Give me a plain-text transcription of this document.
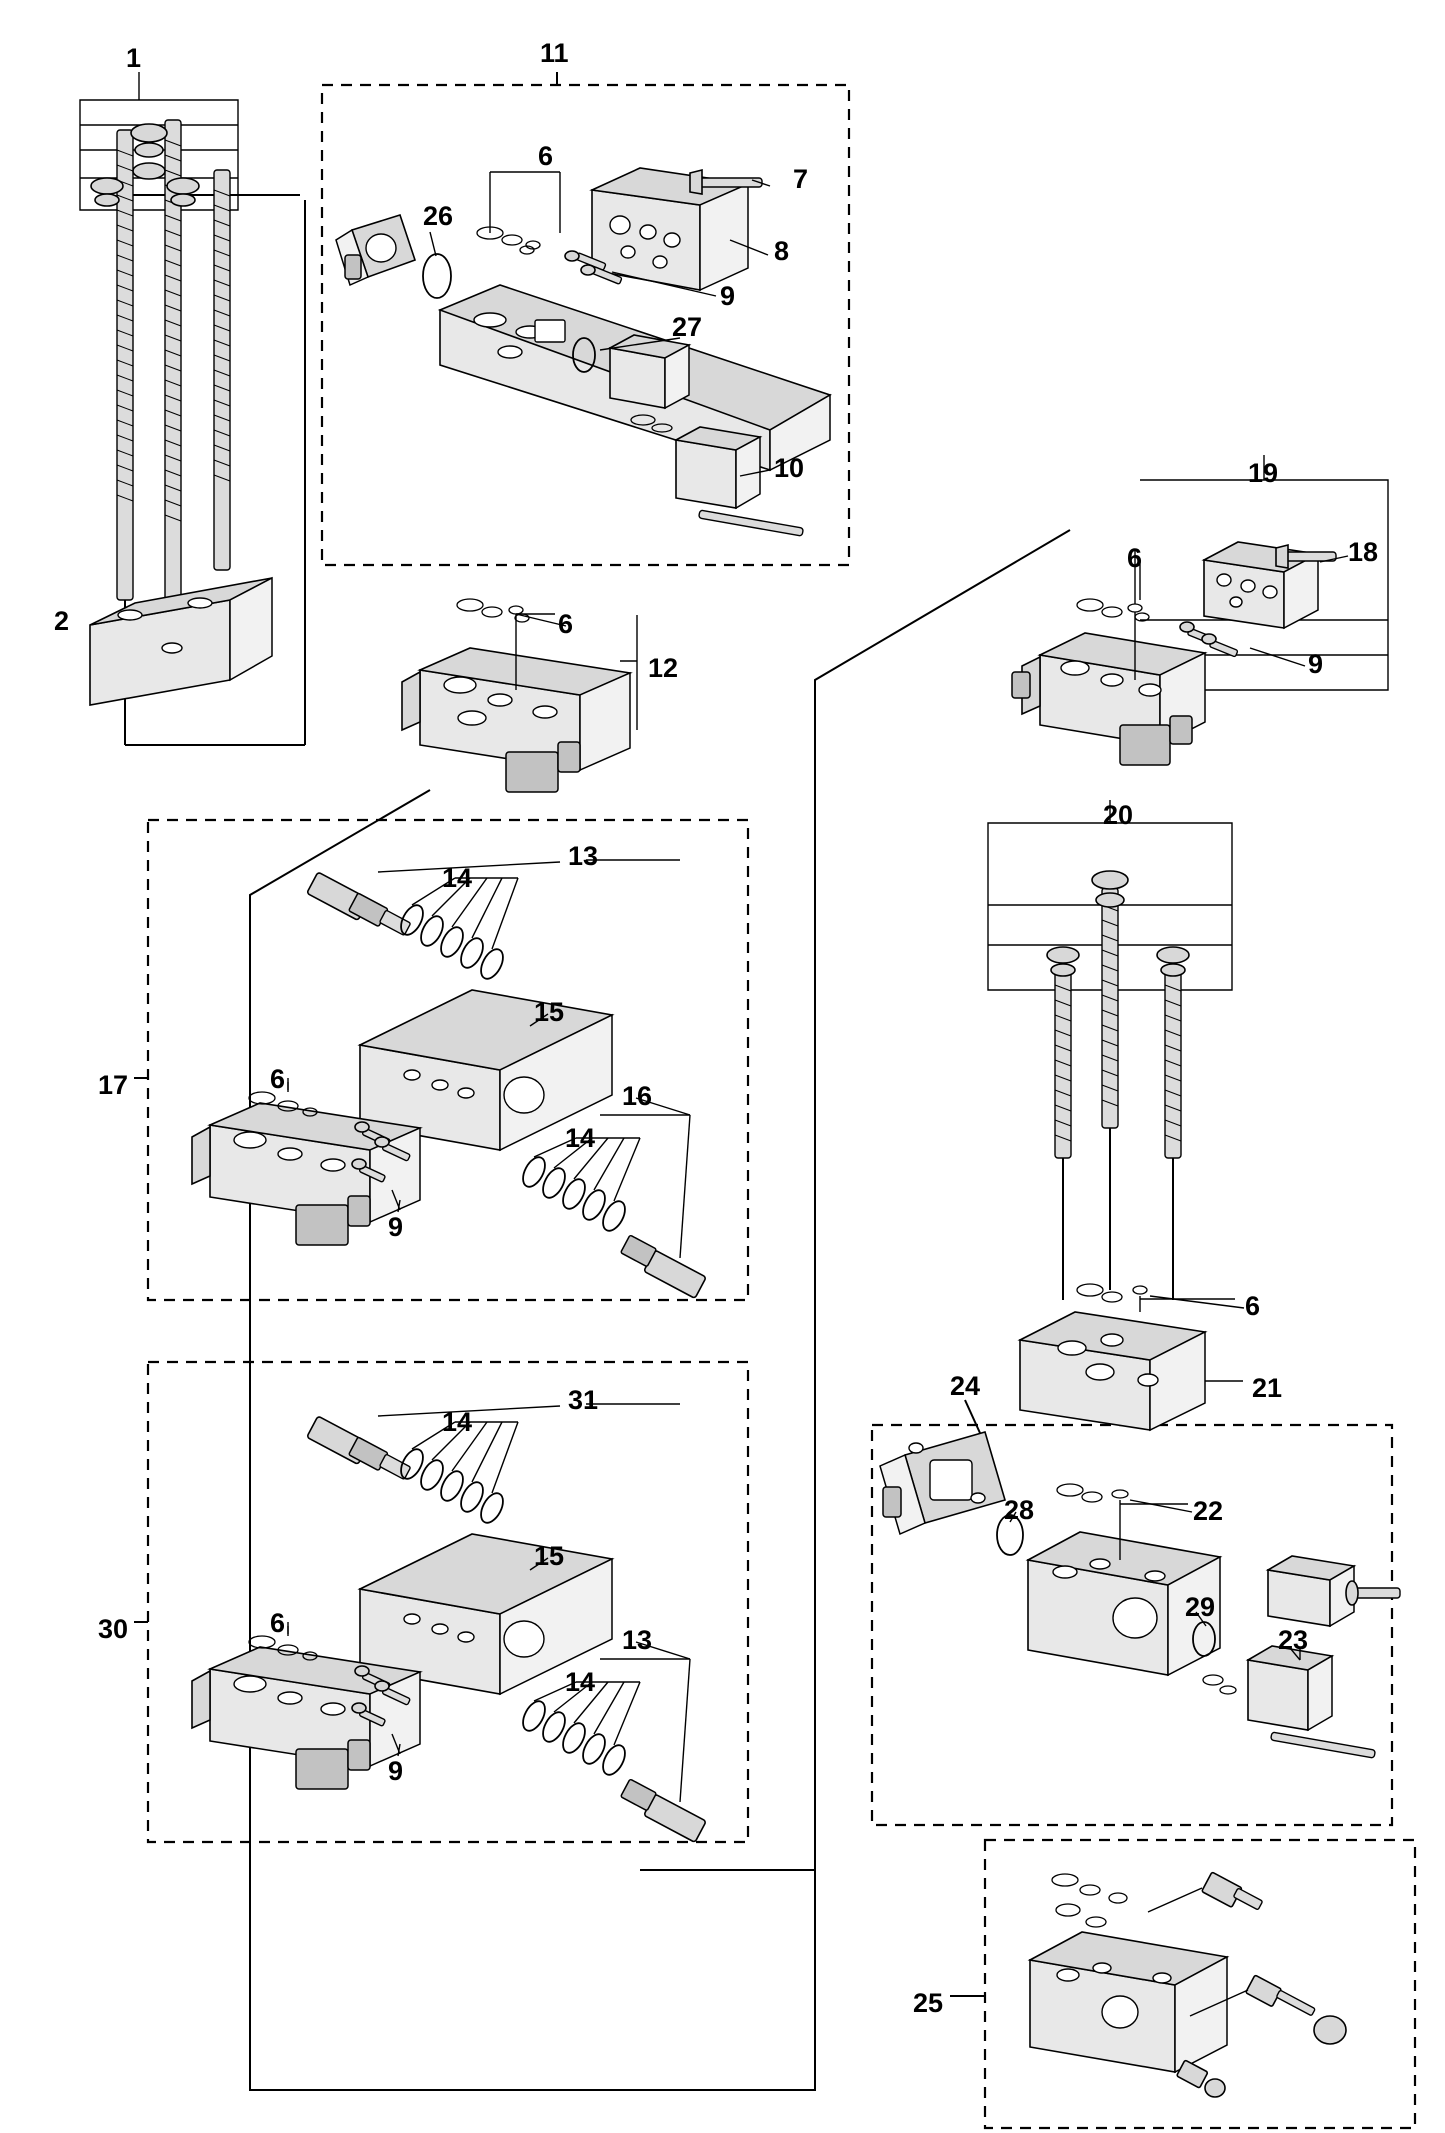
1
2
6
7
8
9
10
11
26
27
6
12
13
14
15
6
16
14
9
17
31
14
15
6
13
14
9
30
19
6	18
9
20
6
21
24
28	22
29
23
25
